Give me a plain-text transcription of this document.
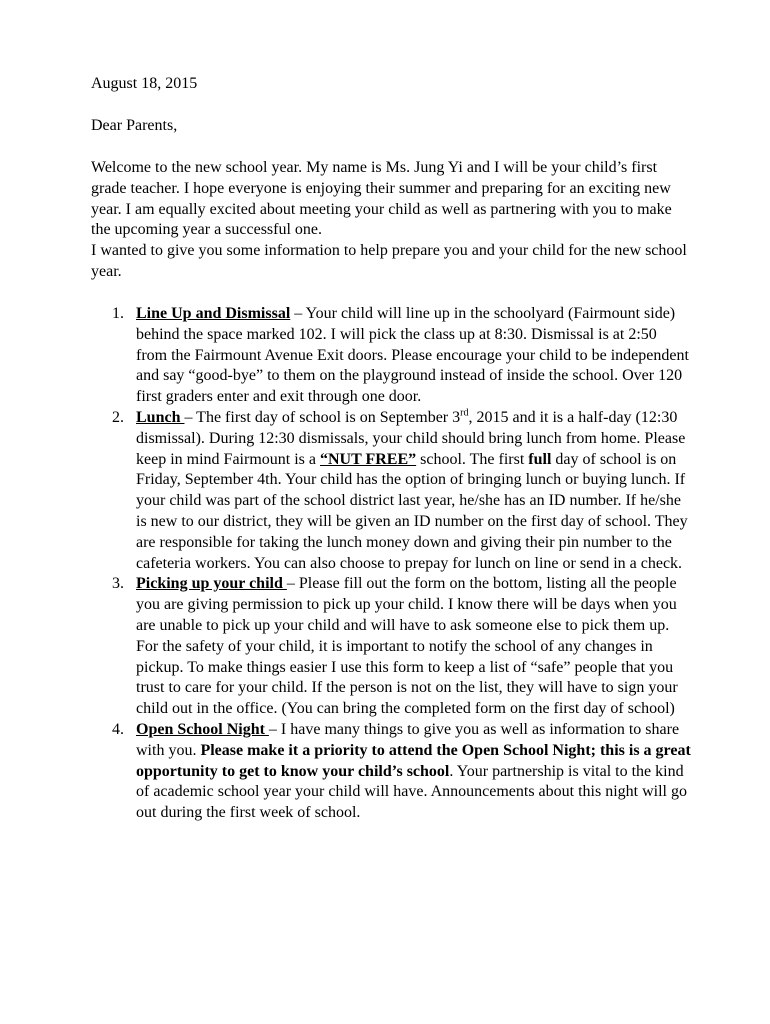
August 18, 2015

Dear Parents,

Welcome to the new school year. My name is Ms. Jung Yi and I will be your child’s first grade teacher. I hope everyone is enjoying their summer and preparing for an exciting new year. I am equally excited about meeting your child as well as partnering with you to make the upcoming year a successful one.

I wanted to give you some information to help prepare you and your child for the new school year.

1. Line Up and Dismissal – Your child will line up in the schoolyard (Fairmount side) behind the space marked 102. I will pick the class up at 8:30. Dismissal is at 2:50 from the Fairmount Avenue Exit doors. Please encourage your child to be independent and say “good-bye” to them on the playground instead of inside the school. Over 120 first graders enter and exit through one door.
2. Lunch – The first day of school is on September 3rd, 2015 and it is a half-day (12:30 dismissal). During 12:30 dismissals, your child should bring lunch from home. Please keep in mind Fairmount is a “NUT FREE” school. The first full day of school is on Friday, September 4th. Your child has the option of bringing lunch or buying lunch. If your child was part of the school district last year, he/she has an ID number. If he/she is new to our district, they will be given an ID number on the first day of school. They are responsible for taking the lunch money down and giving their pin number to the cafeteria workers. You can also choose to prepay for lunch on line or send in a check.
3. Picking up your child – Please fill out the form on the bottom, listing all the people you are giving permission to pick up your child. I know there will be days when you are unable to pick up your child and will have to ask someone else to pick them up. For the safety of your child, it is important to notify the school of any changes in pickup. To make things easier I use this form to keep a list of “safe” people that you trust to care for your child. If the person is not on the list, they will have to sign your child out in the office. (You can bring the completed form on the first day of school)
4. Open School Night – I have many things to give you as well as information to share with you. Please make it a priority to attend the Open School Night; this is a great opportunity to get to know your child’s school. Your partnership is vital to the kind of academic school year your child will have. Announcements about this night will go out during the first week of school.
